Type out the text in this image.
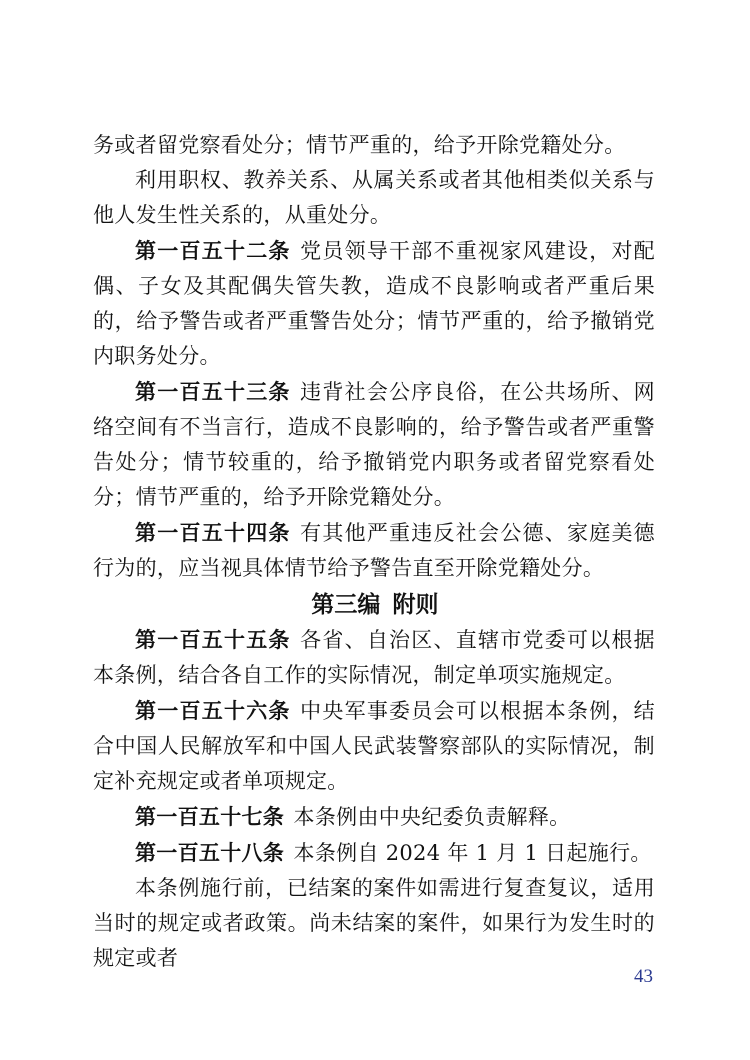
务或者留党察看处分；情节严重的，给予开除党籍处分。

利用职权、教养关系、从属关系或者其他相类似关系与他人发生性关系的，从重处分。

第一百五十二条 党员领导干部不重视家风建设，对配偶、子女及其配偶失管失教，造成不良影响或者严重后果的，给予警告或者严重警告处分；情节严重的，给予撤销党内职务处分。

第一百五十三条 违背社会公序良俗，在公共场所、网络空间有不当言行，造成不良影响的，给予警告或者严重警告处分；情节较重的，给予撤销党内职务或者留党察看处分；情节严重的，给予开除党籍处分。

第一百五十四条 有其他严重违反社会公德、家庭美德行为的，应当视具体情节给予警告直至开除党籍处分。

第三编 附则

第一百五十五条 各省、自治区、直辖市党委可以根据本条例，结合各自工作的实际情况，制定单项实施规定。

第一百五十六条 中央军事委员会可以根据本条例，结合中国人民解放军和中国人民武装警察部队的实际情况，制定补充规定或者单项规定。

第一百五十七条 本条例由中央纪委负责解释。

第一百五十八条 本条例自 2024 年 1 月 1 日起施行。

本条例施行前，已结案的案件如需进行复查复议，适用当时的规定或者政策。尚未结案的案件，如果行为发生时的规定或者

43
